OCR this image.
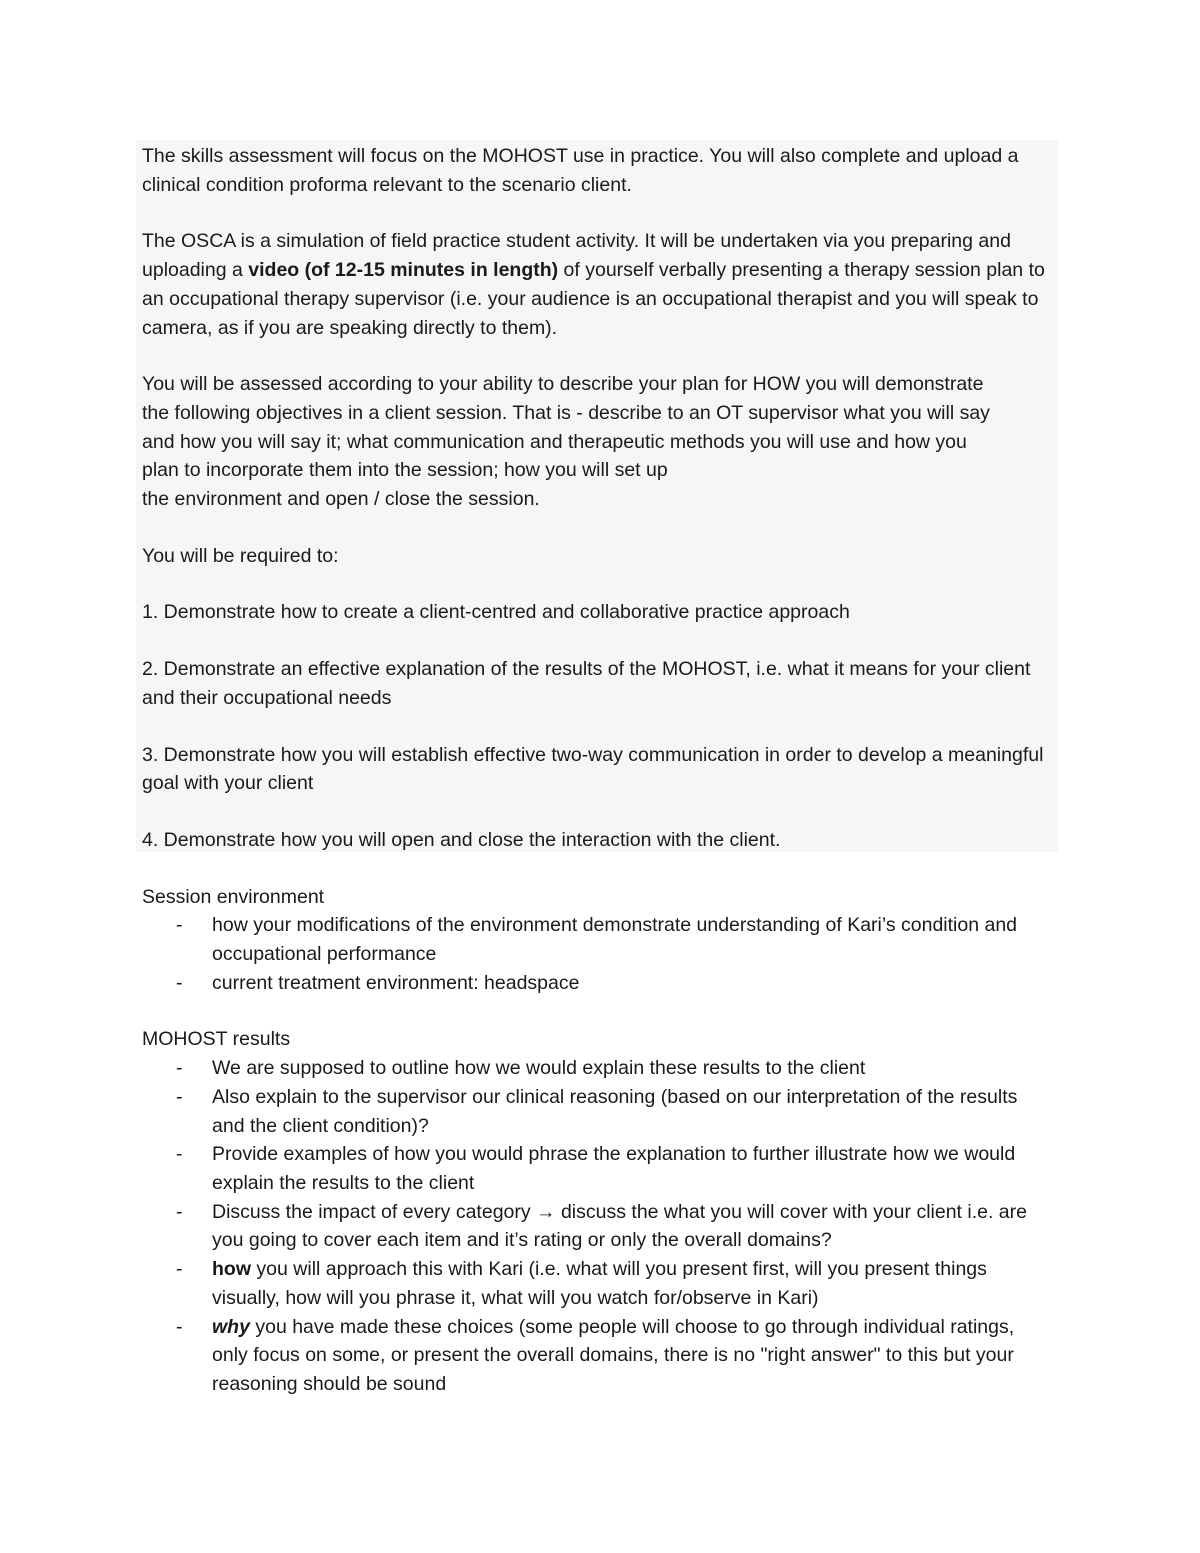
The skills assessment will focus on the MOHOST use in practice. You will also complete and upload a clinical condition proforma relevant to the scenario client.

The OSCA is a simulation of field practice student activity. It will be undertaken via you preparing and uploading a video (of 12-15 minutes in length) of yourself verbally presenting a therapy session plan to an occupational therapy supervisor (i.e. your audience is an occupational therapist and you will speak to camera, as if you are speaking directly to them).

You will be assessed according to your ability to describe your plan for HOW you will demonstrate the following objectives in a client session. That is - describe to an OT supervisor what you will say and how you will say it; what communication and therapeutic methods you will use and how you plan to incorporate them into the session; how you will set up

the environment and open / close the session.

You will be required to:

1. Demonstrate how to create a client-centred and collaborative practice approach

2. Demonstrate an effective explanation of the results of the MOHOST, i.e. what it means for your client and their occupational needs

3. Demonstrate how you will establish effective two-way communication in order to develop a meaningful goal with your client

4. Demonstrate how you will open and close the interaction with the client.

Session environment

- how your modifications of the environment demonstrate understanding of Kari’s condition and occupational performance
- current treatment environment: headspace

MOHOST results

- We are supposed to outline how we would explain these results to the client
- Also explain to the supervisor our clinical reasoning (based on our interpretation of the results and the client condition)?
- Provide examples of how you would phrase the explanation to further illustrate how we would explain the results to the client
- Discuss the impact of every category → discuss the what you will cover with your client i.e. are you going to cover each item and it’s rating or only the overall domains?
- how you will approach this with Kari (i.e. what will you present first, will you present things visually, how will you phrase it, what will you watch for/observe in Kari)
- why you have made these choices (some people will choose to go through individual ratings, only focus on some, or present the overall domains, there is no "right answer" to this but your reasoning should be sound
